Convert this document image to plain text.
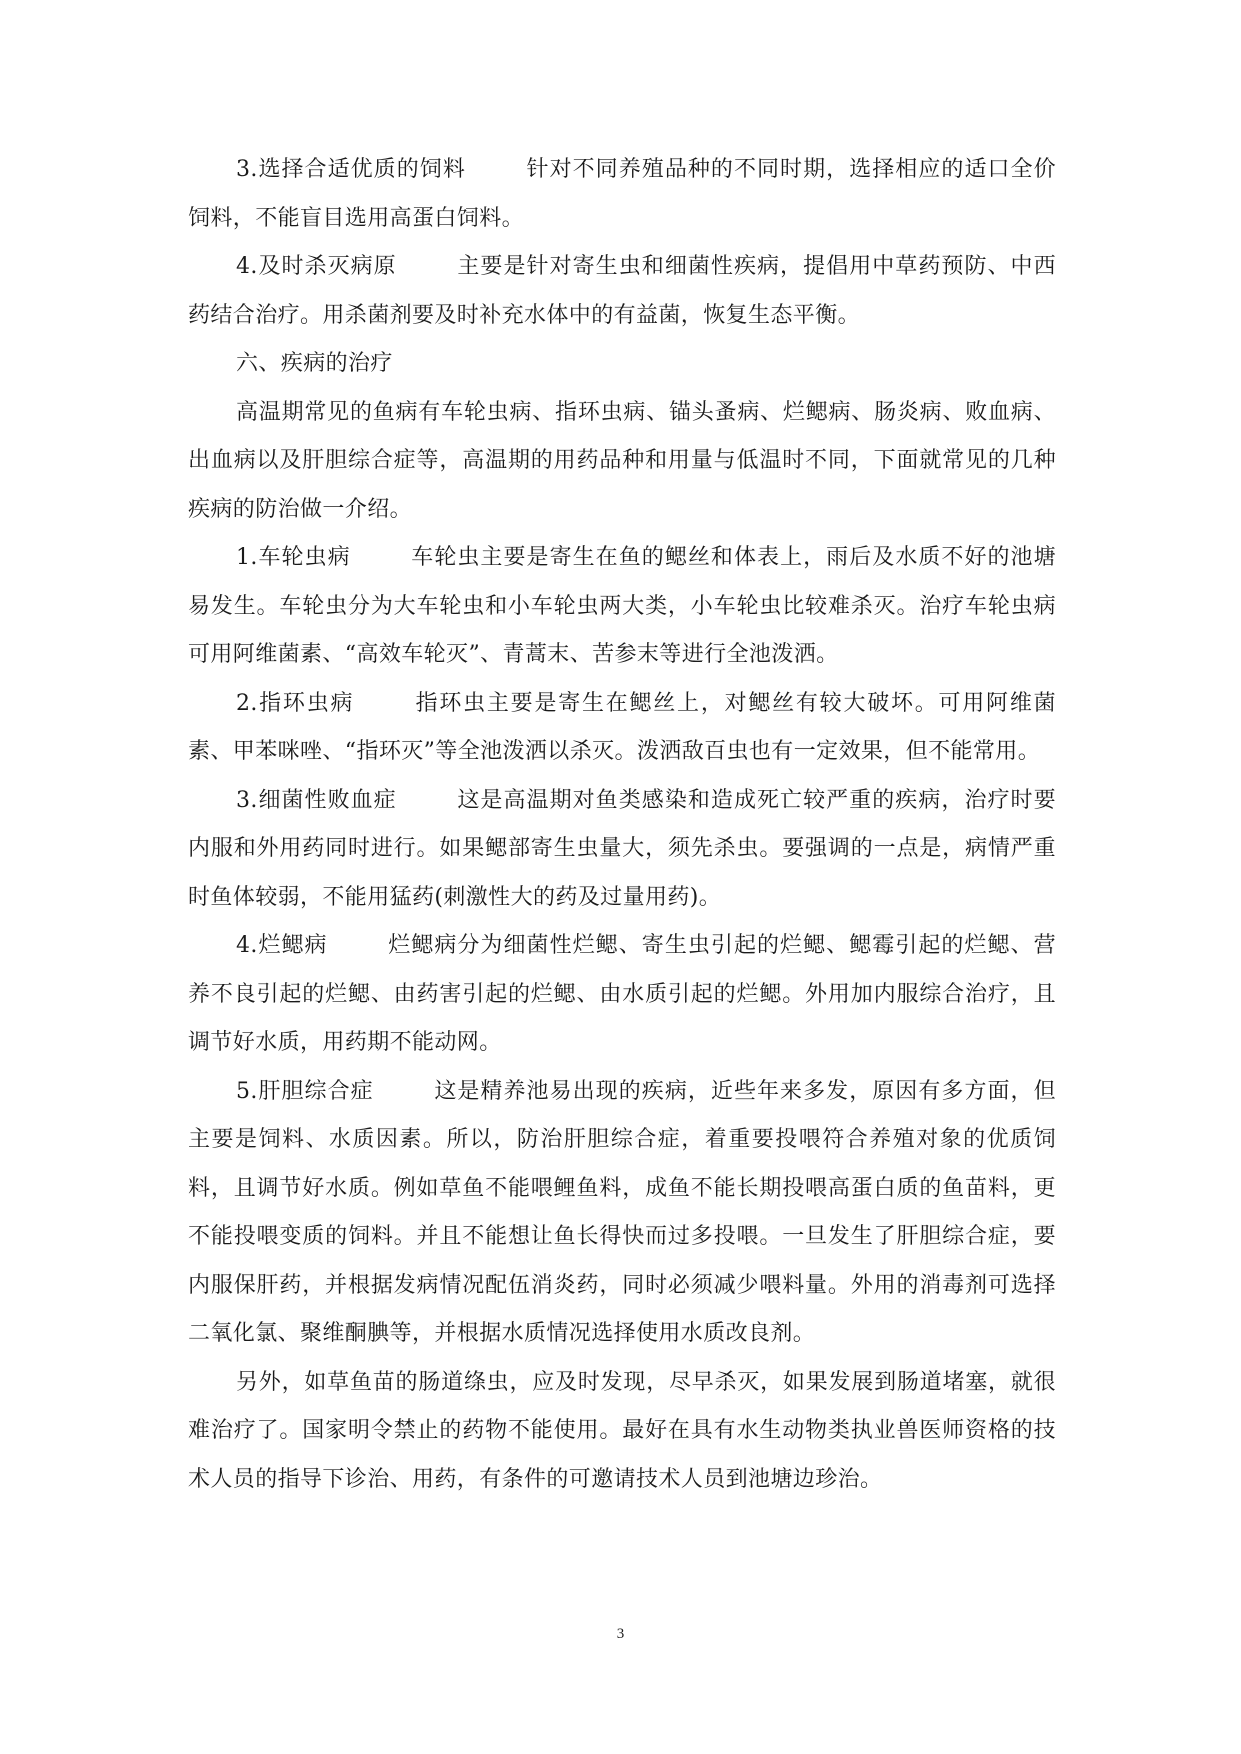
3.选择合适优质的饲料	针对不同养殖品种的不同时期，选择相应的适口全价饲料，不能盲目选用高蛋白饲料。

4.及时杀灭病原	主要是针对寄生虫和细菌性疾病，提倡用中草药预防、中西药结合治疗。用杀菌剂要及时补充水体中的有益菌，恢复生态平衡。

六、疾病的治疗

高温期常见的鱼病有车轮虫病、指环虫病、锚头蚤病、烂鳃病、肠炎病、败血病、出血病以及肝胆综合症等，高温期的用药品种和用量与低温时不同，下面就常见的几种疾病的防治做一介绍。

1.车轮虫病	车轮虫主要是寄生在鱼的鳃丝和体表上，雨后及水质不好的池塘易发生。车轮虫分为大车轮虫和小车轮虫两大类，小车轮虫比较难杀灭。治疗车轮虫病可用阿维菌素、“高效车轮灭”、青蒿末、苦参末等进行全池泼洒。

2.指环虫病	指环虫主要是寄生在鳃丝上，对鳃丝有较大破坏。可用阿维菌素、甲苯咪唑、“指环灭”等全池泼洒以杀灭。泼洒敌百虫也有一定效果，但不能常用。

3.细菌性败血症	这是高温期对鱼类感染和造成死亡较严重的疾病，治疗时要内服和外用药同时进行。如果鳃部寄生虫量大，须先杀虫。要强调的一点是，病情严重时鱼体较弱，不能用猛药(刺激性大的药及过量用药)。

4.烂鳃病	烂鳃病分为细菌性烂鳃、寄生虫引起的烂鳃、鳃霉引起的烂鳃、营养不良引起的烂鳃、由药害引起的烂鳃、由水质引起的烂鳃。外用加内服综合治疗，且调节好水质，用药期不能动网。

5.肝胆综合症	这是精养池易出现的疾病，近些年来多发，原因有多方面，但主要是饲料、水质因素。所以，防治肝胆综合症，着重要投喂符合养殖对象的优质饲料，且调节好水质。例如草鱼不能喂鲤鱼料，成鱼不能长期投喂高蛋白质的鱼苗料，更不能投喂变质的饲料。并且不能想让鱼长得快而过多投喂。一旦发生了肝胆综合症，要内服保肝药，并根据发病情况配伍消炎药，同时必须减少喂料量。外用的消毒剂可选择二氧化氯、聚维酮腆等，并根据水质情况选择使用水质改良剂。

另外，如草鱼苗的肠道绦虫，应及时发现，尽早杀灭，如果发展到肠道堵塞，就很难治疗了。国家明令禁止的药物不能使用。最好在具有水生动物类执业兽医师资格的技术人员的指导下诊治、用药，有条件的可邀请技术人员到池塘边珍治。

3
